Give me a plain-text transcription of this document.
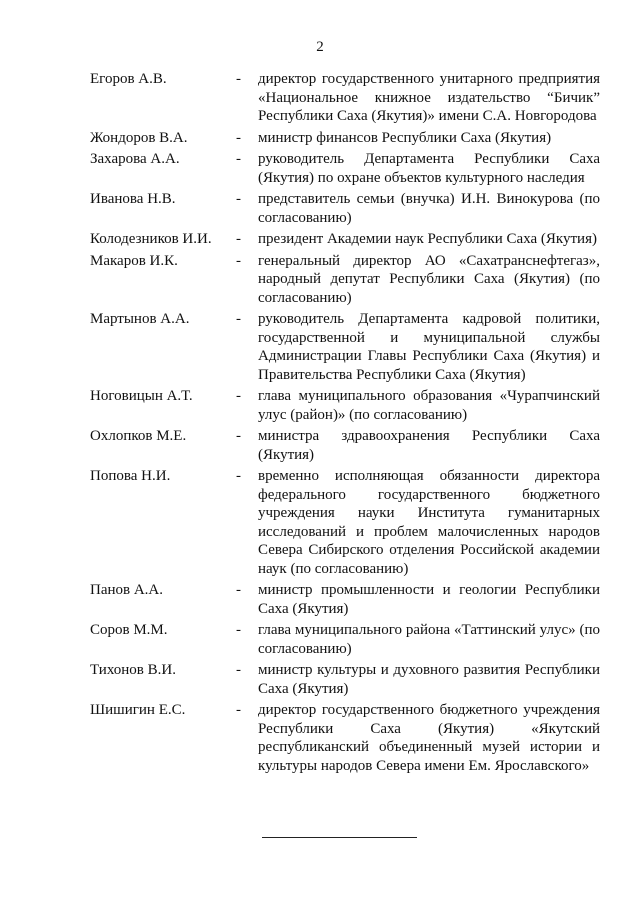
2
Егоров А.В.	-	директор государственного унитарного предприятия «Национальное книжное издательство “Бичик” Республики Саха (Якутия)» имени С.А. Новгородова
Жондоров В.А.	-	министр финансов Республики Саха (Якутия)
Захарова А.А.	-	руководитель Департамента Республики Саха (Якутия) по охране объектов культурного наследия
Иванова Н.В.	-	представитель семьи (внучка) И.Н. Винокурова (по согласованию)
Колодезников И.И.	-	президент Академии наук Республики Саха (Якутия)
Макаров И.К.	-	генеральный директор АО «Сахатранснефтегаз», народный депутат Республики Саха (Якутия) (по согласованию)
Мартынов А.А.	-	руководитель Департамента кадровой политики, государственной и муниципальной службы Администрации Главы Республики Саха (Якутия) и Правительства Республики Саха (Якутия)
Ноговицын А.Т.	-	глава муниципального образования «Чурапчинский улус (район)» (по согласованию)
Охлопков М.Е.	-	министра здравоохранения Республики Саха (Якутия)
Попова Н.И.	-	временно исполняющая обязанности директора федерального государственного бюджетного учреждения науки Института гуманитарных исследований и проблем малочисленных народов Севера Сибирского отделения Российской академии наук (по согласованию)
Панов А.А.	-	министр промышленности и геологии Республики Саха (Якутия)
Соров М.М.	-	глава муниципального района «Таттинский улус» (по согласованию)
Тихонов В.И.	-	министр культуры и духовного развития Республики Саха (Якутия)
Шишигин Е.С.	-	директор государственного бюджетного учреждения Республики Саха (Якутия) «Якутский республиканский объединенный музей истории и культуры народов Севера имени Ем. Ярославского»
